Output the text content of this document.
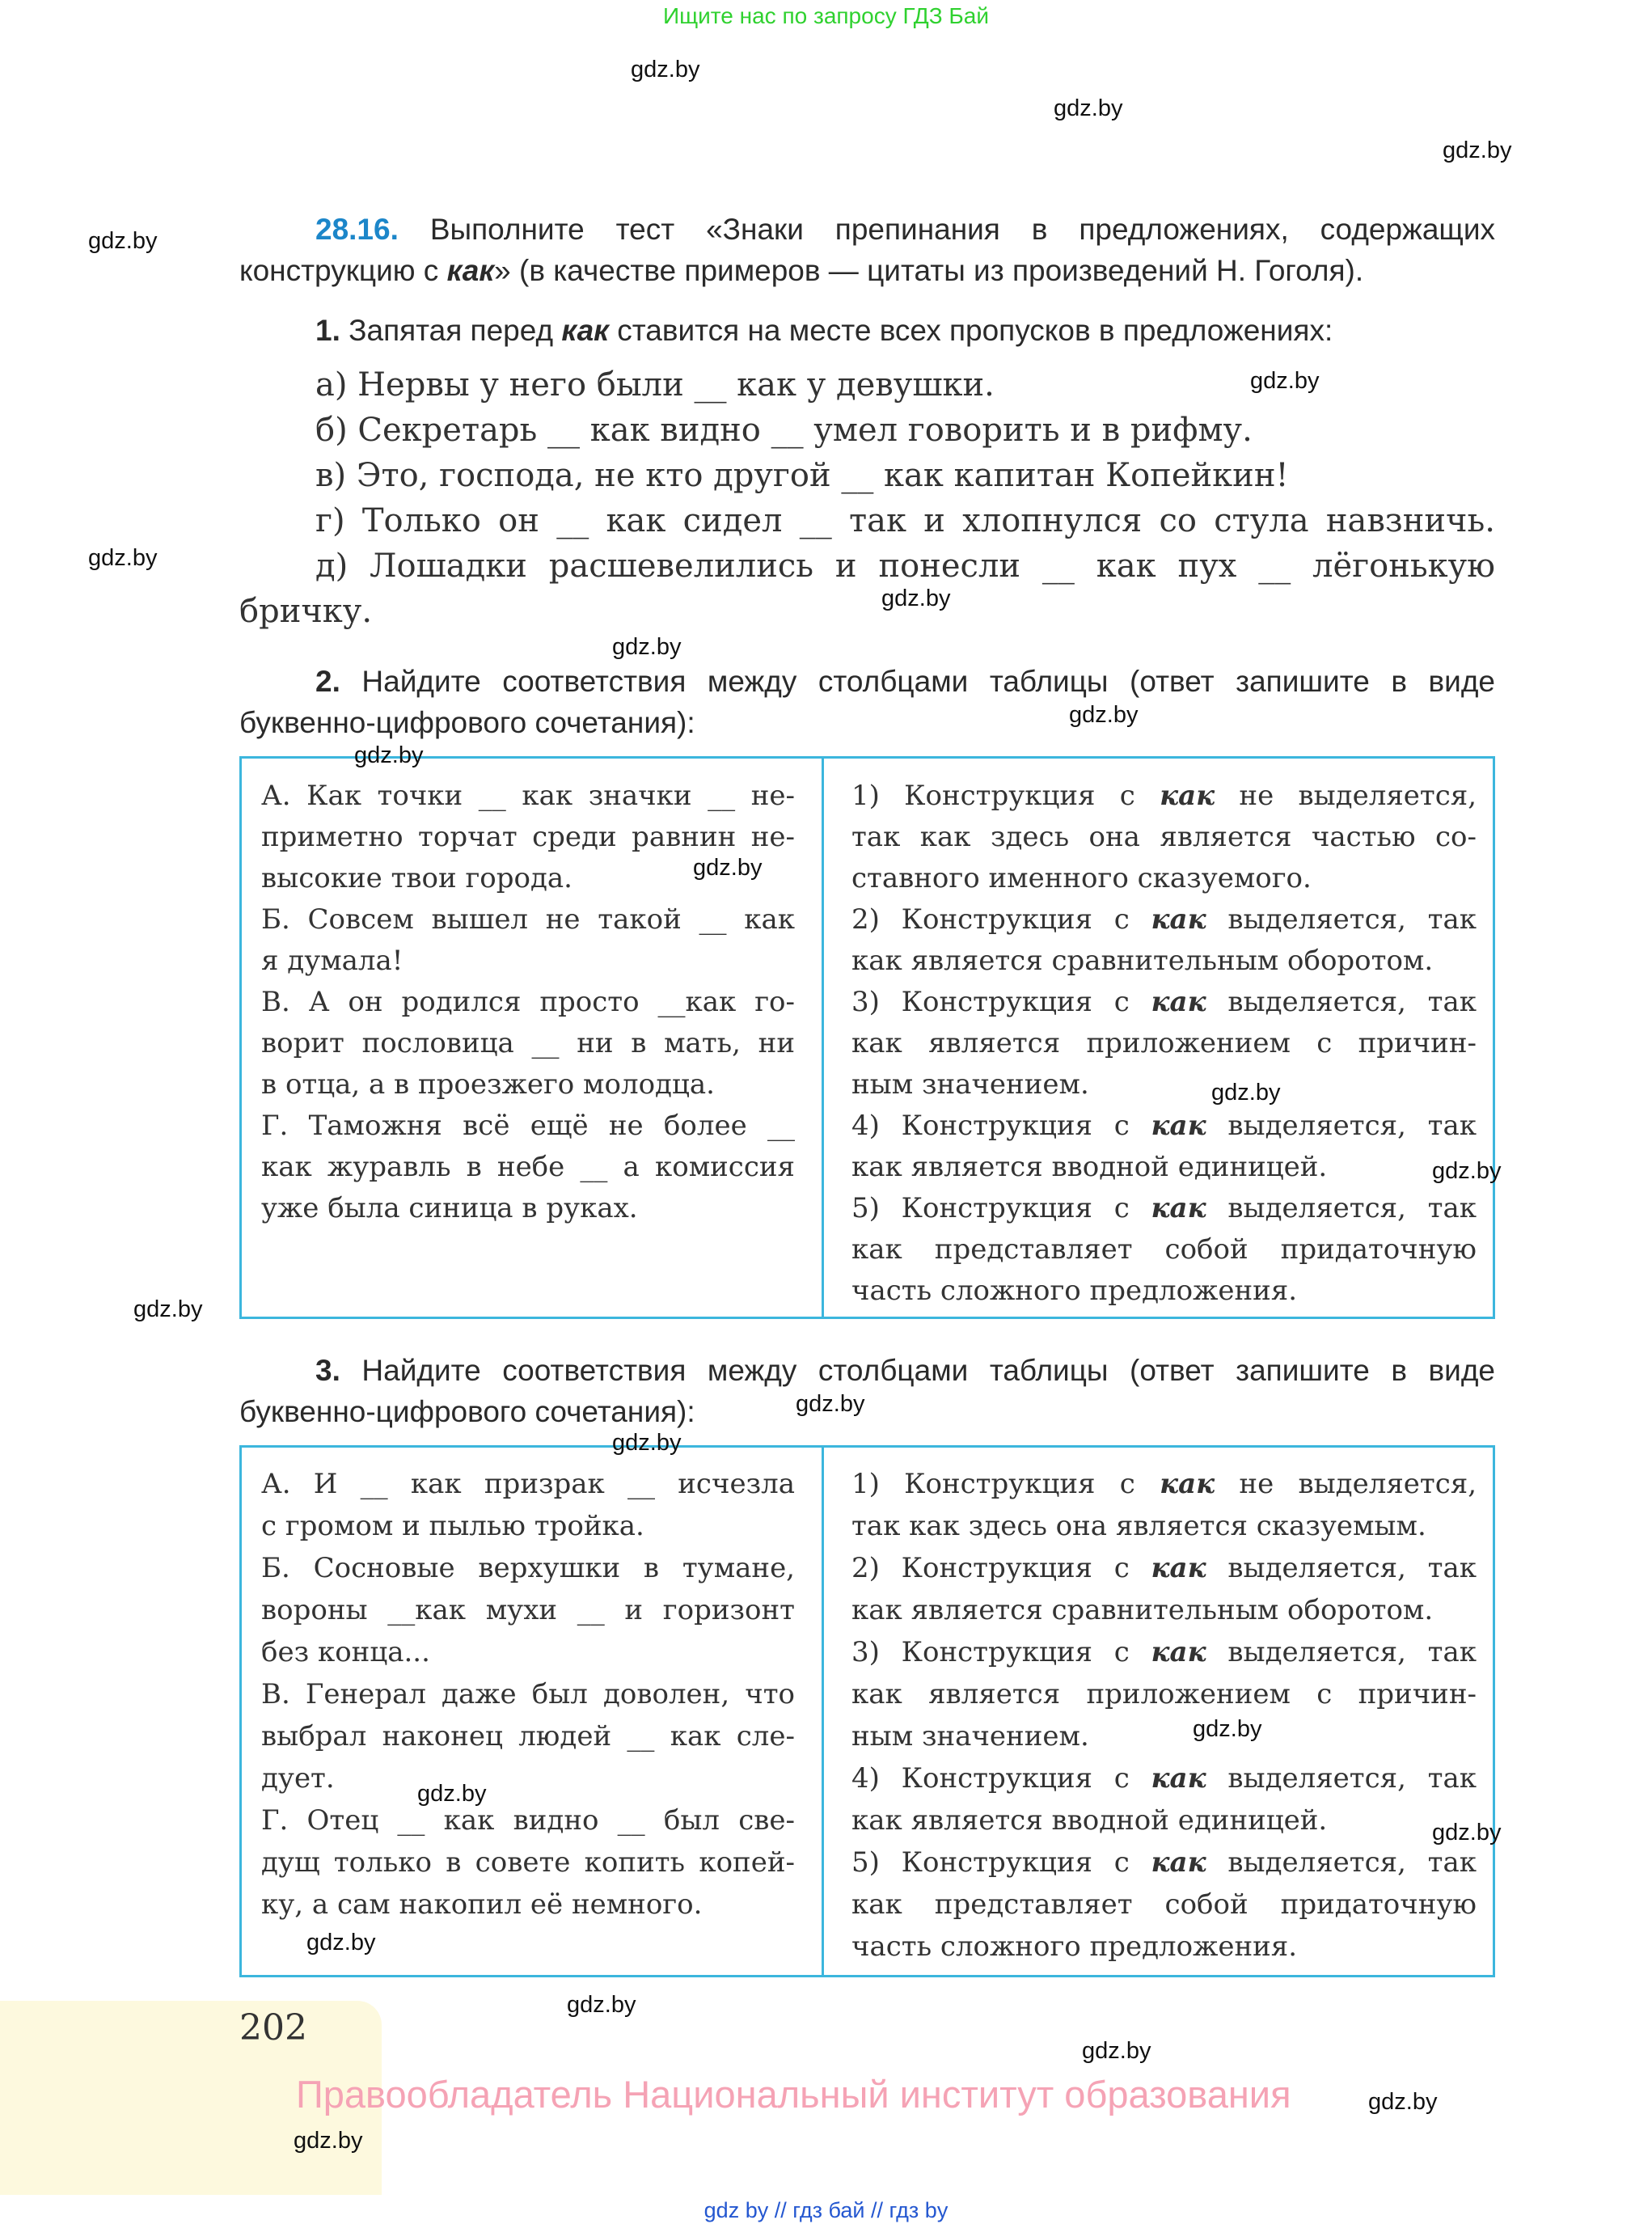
Ищите нас по запросу ГДЗ Бай
28.16. Выполните тест «Знаки препинания в предложениях, содержащих
конструкцию с как» (в качестве примеров — цитаты из произведений Н. Гоголя).
1. Запятая перед как ставится на месте всех пропусков в предложениях:
а) Нервы у него были __ как у девушки.
б) Секретарь __ как видно __ умел говорить и в рифму.
в) Это, господа, не кто другой __ как капитан Копейкин!
г) Только он __ как сидел __ так и хлопнулся со стула навзничь.
д) Лошадки расшевелились и понесли __ как пух __ лёгонькую
бричку.
2. Найдите соответствия между столбцами таблицы (ответ запишите в виде
буквенно-цифрового сочетания):
А. Как точки __ как значки __ не-
приметно торчат среди равнин не-
высокие твои города.
Б. Совсем вышел не такой __ как
я думала!
В. А он родился просто __как го-
ворит пословица __ ни в мать, ни
в отца, а в проезжего молодца.
Г. Таможня всё ещё не более __
как журавль в небе __ а комиссия
уже была синица в руках.
1) Конструкция с как не выделяется,
так как здесь она является частью со-
ставного именного сказуемого.
2) Конструкция с как выделяется, так
как является сравнительным оборотом.
3) Конструкция с как выделяется, так
как является приложением с причин-
ным значением.
4) Конструкция с как выделяется, так
как является вводной единицей.
5) Конструкция с как выделяется, так
как представляет собой придаточную
часть сложного предложения.
3. Найдите соответствия между столбцами таблицы (ответ запишите в виде
буквенно-цифрового сочетания):
А. И __ как призрак __ исчезла
с громом и пылью тройка.
Б. Сосновые верхушки в тумане,
вороны __как мухи __ и горизонт
без конца...
В. Генерал даже был доволен, что
выбрал наконец людей __ как сле-
дует.
Г. Отец __ как видно __ был све-
дущ только в совете копить копей-
ку, а сам накопил её немного.
1) Конструкция с как не выделяется,
так как здесь она является сказуемым.
2) Конструкция с как выделяется, так
как является сравнительным оборотом.
3) Конструкция с как выделяется, так
как является приложением с причин-
ным значением.
4) Конструкция с как выделяется, так
как является вводной единицей.
5) Конструкция с как выделяется, так
как представляет собой придаточную
часть сложного предложения.
202
Правообладатель Национальный институт образования
gdz by // гдз бай // гдз by
gdz.by
gdz.by
gdz.by
gdz.by
gdz.by
gdz.by
gdz.by
gdz.by
gdz.by
gdz.by
gdz.by
gdz.by
gdz.by
gdz.by
gdz.by
gdz.by
gdz.by
gdz.by
gdz.by
gdz.by
gdz.by
gdz.by
gdz.by
gdz.by
